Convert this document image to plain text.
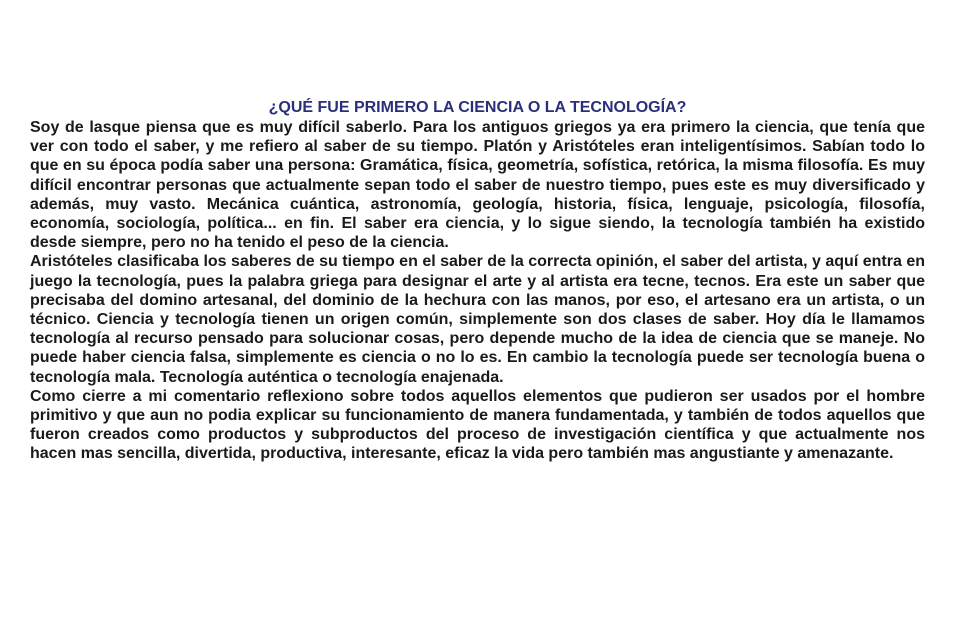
¿QUÉ FUE PRIMERO LA CIENCIA O LA TECNOLOGÍA?

Soy de lasque piensa que es muy difícil saberlo. Para los antiguos griegos ya era primero la ciencia, que tenía que ver con todo el saber, y me refiero al saber de su tiempo. Platón y Aristóteles eran inteligentísimos. Sabían todo lo que en su época podía saber una persona: Gramática, física, geometría, sofística, retórica, la misma filosofía. Es muy difícil encontrar personas que actualmente sepan todo el saber de nuestro tiempo, pues este es muy diversificado y además, muy vasto. Mecánica cuántica, astronomía, geología, historia, física, lenguaje, psicología, filosofía, economía, sociología, política... en fin. El saber era ciencia, y lo sigue siendo, la tecnología también ha existido desde siempre, pero no ha tenido el peso de la ciencia.

Aristóteles clasificaba los saberes de su tiempo en el saber de la correcta opinión, el saber del artista, y aquí entra en juego la tecnología, pues la palabra griega para designar el arte y al artista era tecne, tecnos. Era este un saber que precisaba del domino artesanal, del dominio de la hechura con las manos, por eso, el artesano era un artista, o un técnico. Ciencia y tecnología tienen un origen común, simplemente son dos clases de saber. Hoy día le llamamos tecnología al recurso pensado para solucionar cosas, pero depende mucho de la idea de ciencia que se maneje. No puede haber ciencia falsa, simplemente es ciencia o no lo es. En cambio la tecnología puede ser tecnología buena o tecnología mala. Tecnología auténtica o tecnología enajenada.

Como cierre a mi comentario reflexiono sobre todos aquellos elementos que pudieron ser usados por el hombre primitivo y que aun no podia explicar su funcionamiento de manera fundamentada, y también de todos aquellos que fueron creados como productos y subproductos del proceso de investigación científica y que actualmente nos hacen mas sencilla, divertida, productiva, interesante, eficaz la vida pero también mas angustiante y amenazante.
